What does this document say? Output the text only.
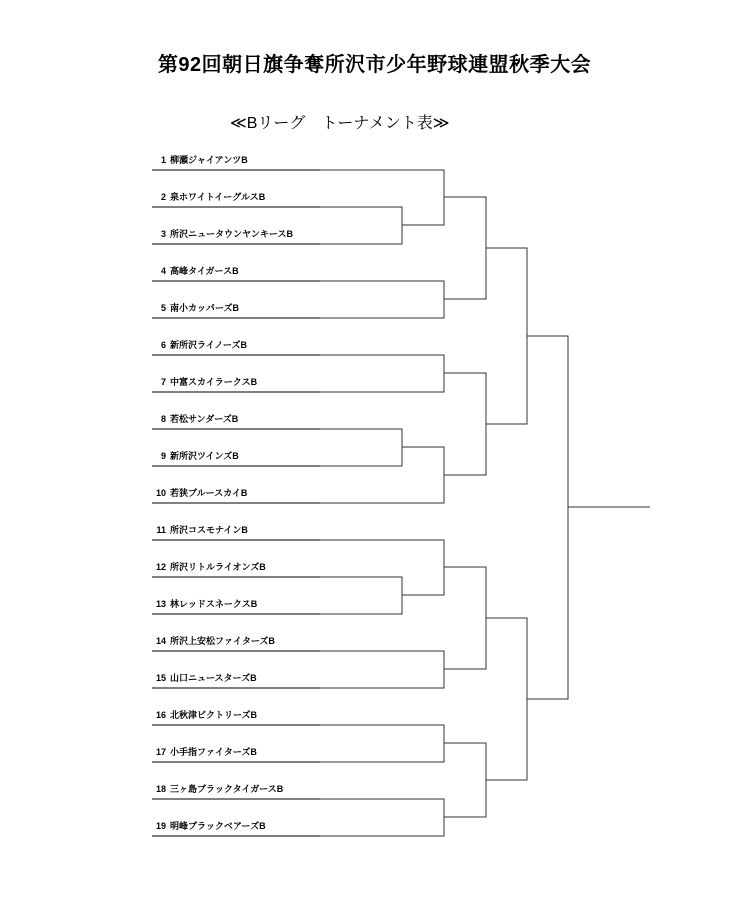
第92回朝日旗争奪所沢市少年野球連盟秋季大会
≪Bリーグ　トーナメント表≫
1 柳瀬ジャイアンツB
2 泉ホワイトイーグルスB
3 所沢ニュータウンヤンキースB
4 高峰タイガースB
5 南小カッパーズB
6 新所沢ライノーズB
7 中富スカイラークスB
8 若松サンダーズB
9 新所沢ツインズB
10 若狭ブルースカイB
11 所沢コスモナインB
12 所沢リトルライオンズB
13 林レッドスネークスB
14 所沢上安松ファイターズB
15 山口ニュースターズB
16 北秋津ビクトリーズB
17 小手指ファイターズB
18 三ヶ島ブラックタイガースB
19 明峰ブラックベアーズB
